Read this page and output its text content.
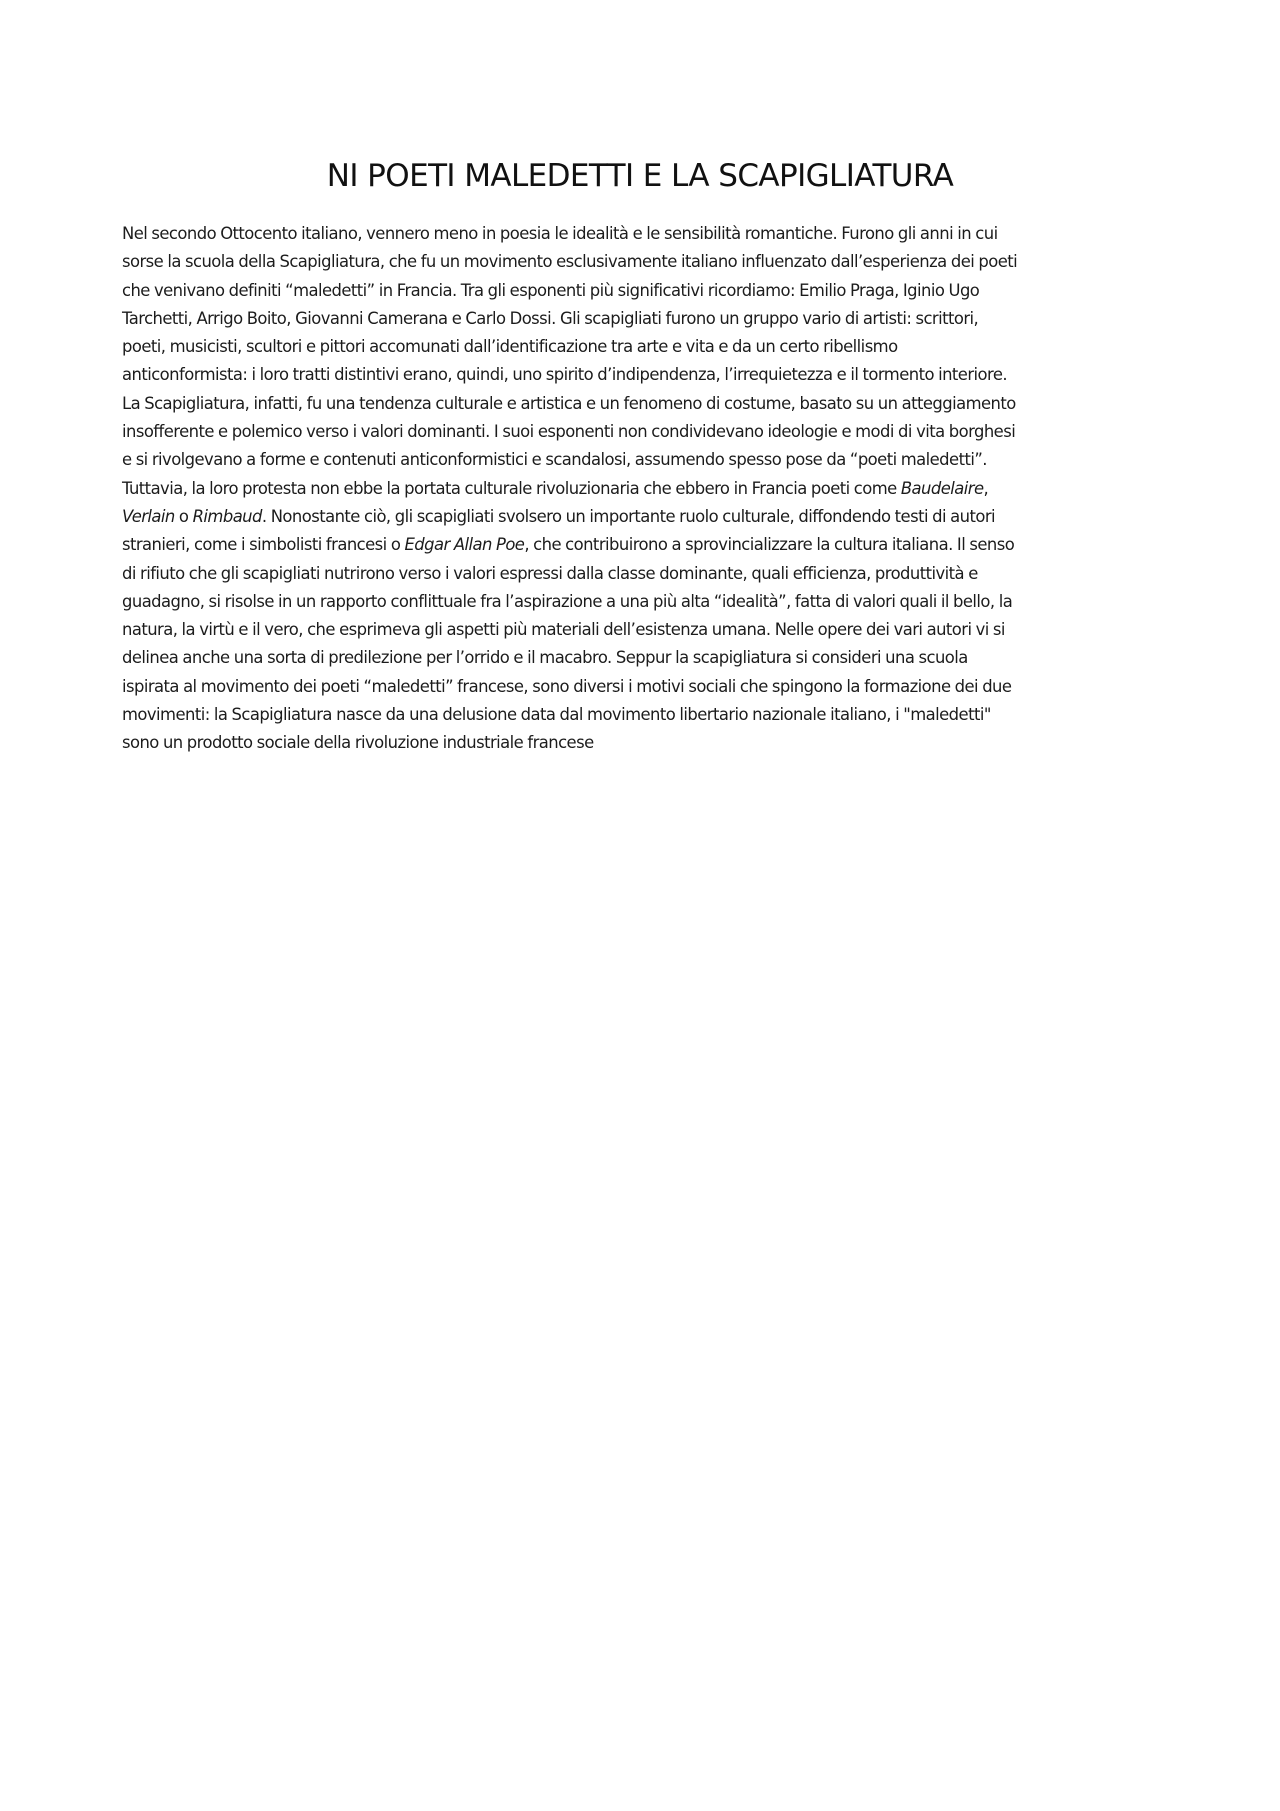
NI POETI MALEDETTI E LA SCAPIGLIATURA
Nel secondo Ottocento italiano, vennero meno in poesia le idealità e le sensibilità romantiche. Furono gli anni in cui
sorse la scuola della Scapigliatura, che fu un movimento esclusivamente italiano influenzato dall’esperienza dei poeti
che venivano definiti “maledetti” in Francia. Tra gli esponenti più significativi ricordiamo: Emilio Praga, Iginio Ugo
Tarchetti, Arrigo Boito, Giovanni Camerana e Carlo Dossi. Gli scapigliati furono un gruppo vario di artisti: scrittori,
poeti, musicisti, scultori e pittori accomunati dall’identificazione tra arte e vita e da un certo ribellismo
anticonformista: i loro tratti distintivi erano, quindi, uno spirito d’indipendenza, l’irrequietezza e il tormento interiore.
La Scapigliatura, infatti, fu una tendenza culturale e artistica e un fenomeno di costume, basato su un atteggiamento
insofferente e polemico verso i valori dominanti. I suoi esponenti non condividevano ideologie e modi di vita borghesi
e si rivolgevano a forme e contenuti anticonformistici e scandalosi, assumendo spesso pose da “poeti maledetti”.
Tuttavia, la loro protesta non ebbe la portata culturale rivoluzionaria che ebbero in Francia poeti come Baudelaire,
Verlain o Rimbaud. Nonostante ciò, gli scapigliati svolsero un importante ruolo culturale, diffondendo testi di autori
stranieri, come i simbolisti francesi o Edgar Allan Poe, che contribuirono a sprovincializzare la cultura italiana. Il senso
di rifiuto che gli scapigliati nutrirono verso i valori espressi dalla classe dominante, quali efficienza, produttività e
guadagno, si risolse in un rapporto conflittuale fra l’aspirazione a una più alta “idealità”, fatta di valori quali il bello, la
natura, la virtù e il vero, che esprimeva gli aspetti più materiali dell’esistenza umana. Nelle opere dei vari autori vi si
delinea anche una sorta di predilezione per l’orrido e il macabro. Seppur la scapigliatura si consideri una scuola
ispirata al movimento dei poeti “maledetti” francese, sono diversi i motivi sociali che spingono la formazione dei due
movimenti: la Scapigliatura nasce da una delusione data dal movimento libertario nazionale italiano, i "maledetti"
sono un prodotto sociale della rivoluzione industriale francese
